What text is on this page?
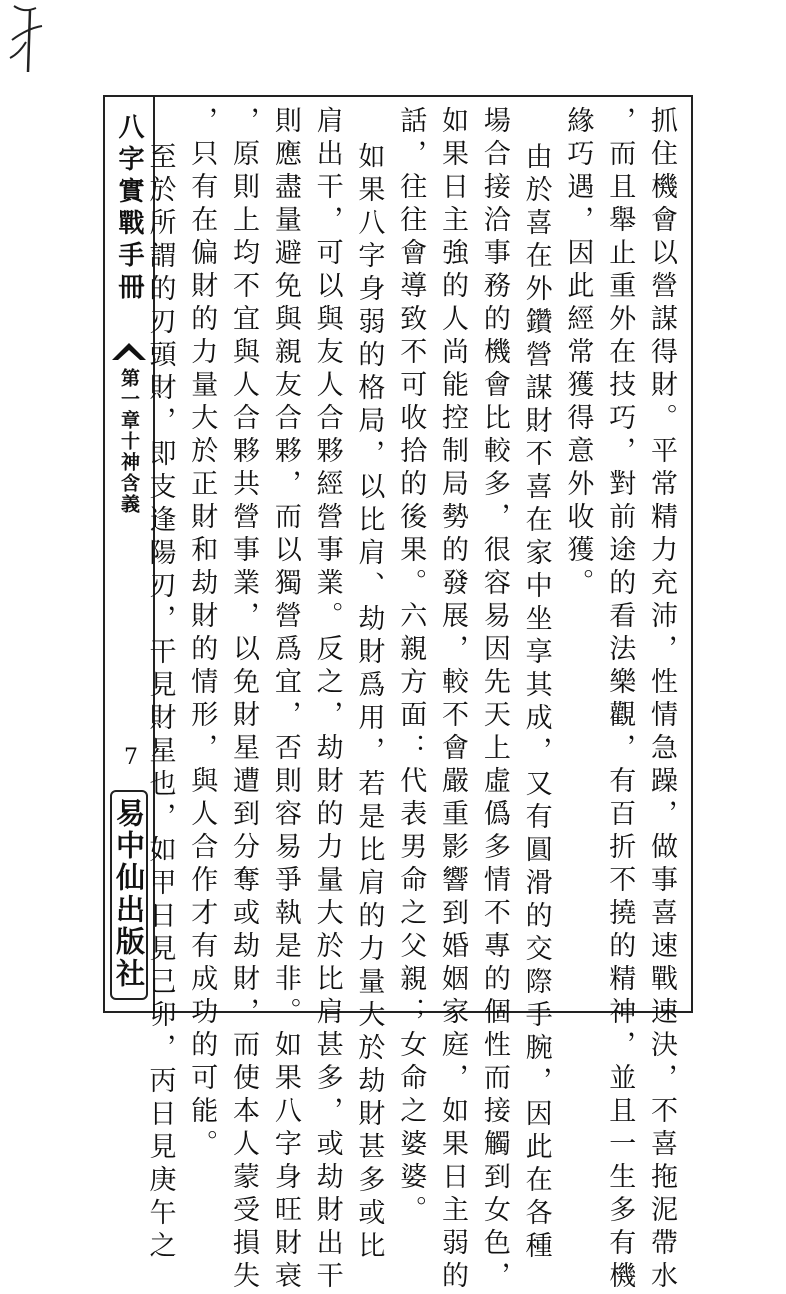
八字實戰手冊
第一章十神含義
7
易中仙出版社	抓住機會以營謀得財。平常精力充沛，性情急躁，做事喜速戰速決，不喜拖泥帶水
，而且舉止重外在技巧，對前途的看法樂觀，有百折不撓的精神，並且一生多有機
緣巧遇，因此經常獲得意外收獲。
由於喜在外鑽營謀財不喜在家中坐享其成，又有圓滑的交際手腕，因此在各種
場合接洽事務的機會比較多，很容易因先天上虛僞多情不專的個性而接觸到女色，
如果日主強的人尚能控制局勢的發展，較不會嚴重影響到婚姻家庭，如果日主弱的
話，往往會導致不可收拾的後果。六親方面：代表男命之父親；女命之婆婆。
如果八字身弱的格局，以比肩、劫財爲用，若是比肩的力量大於劫財甚多或比
肩出干，可以與友人合夥經營事業。反之，劫財的力量大於比肩甚多，或劫財出干
則應盡量避免與親友合夥，而以獨營爲宜，否則容易爭執是非。如果八字身旺財衰
，原則上均不宜與人合夥共營事業，以免財星遭到分奪或劫財，而使本人蒙受損失
，只有在偏財的力量大於正財和劫財的情形，與人合作才有成功的可能。
至於所謂的刃頭財，即支逢陽刃，干見財星也，如甲日見己卯，丙日見庚午之
